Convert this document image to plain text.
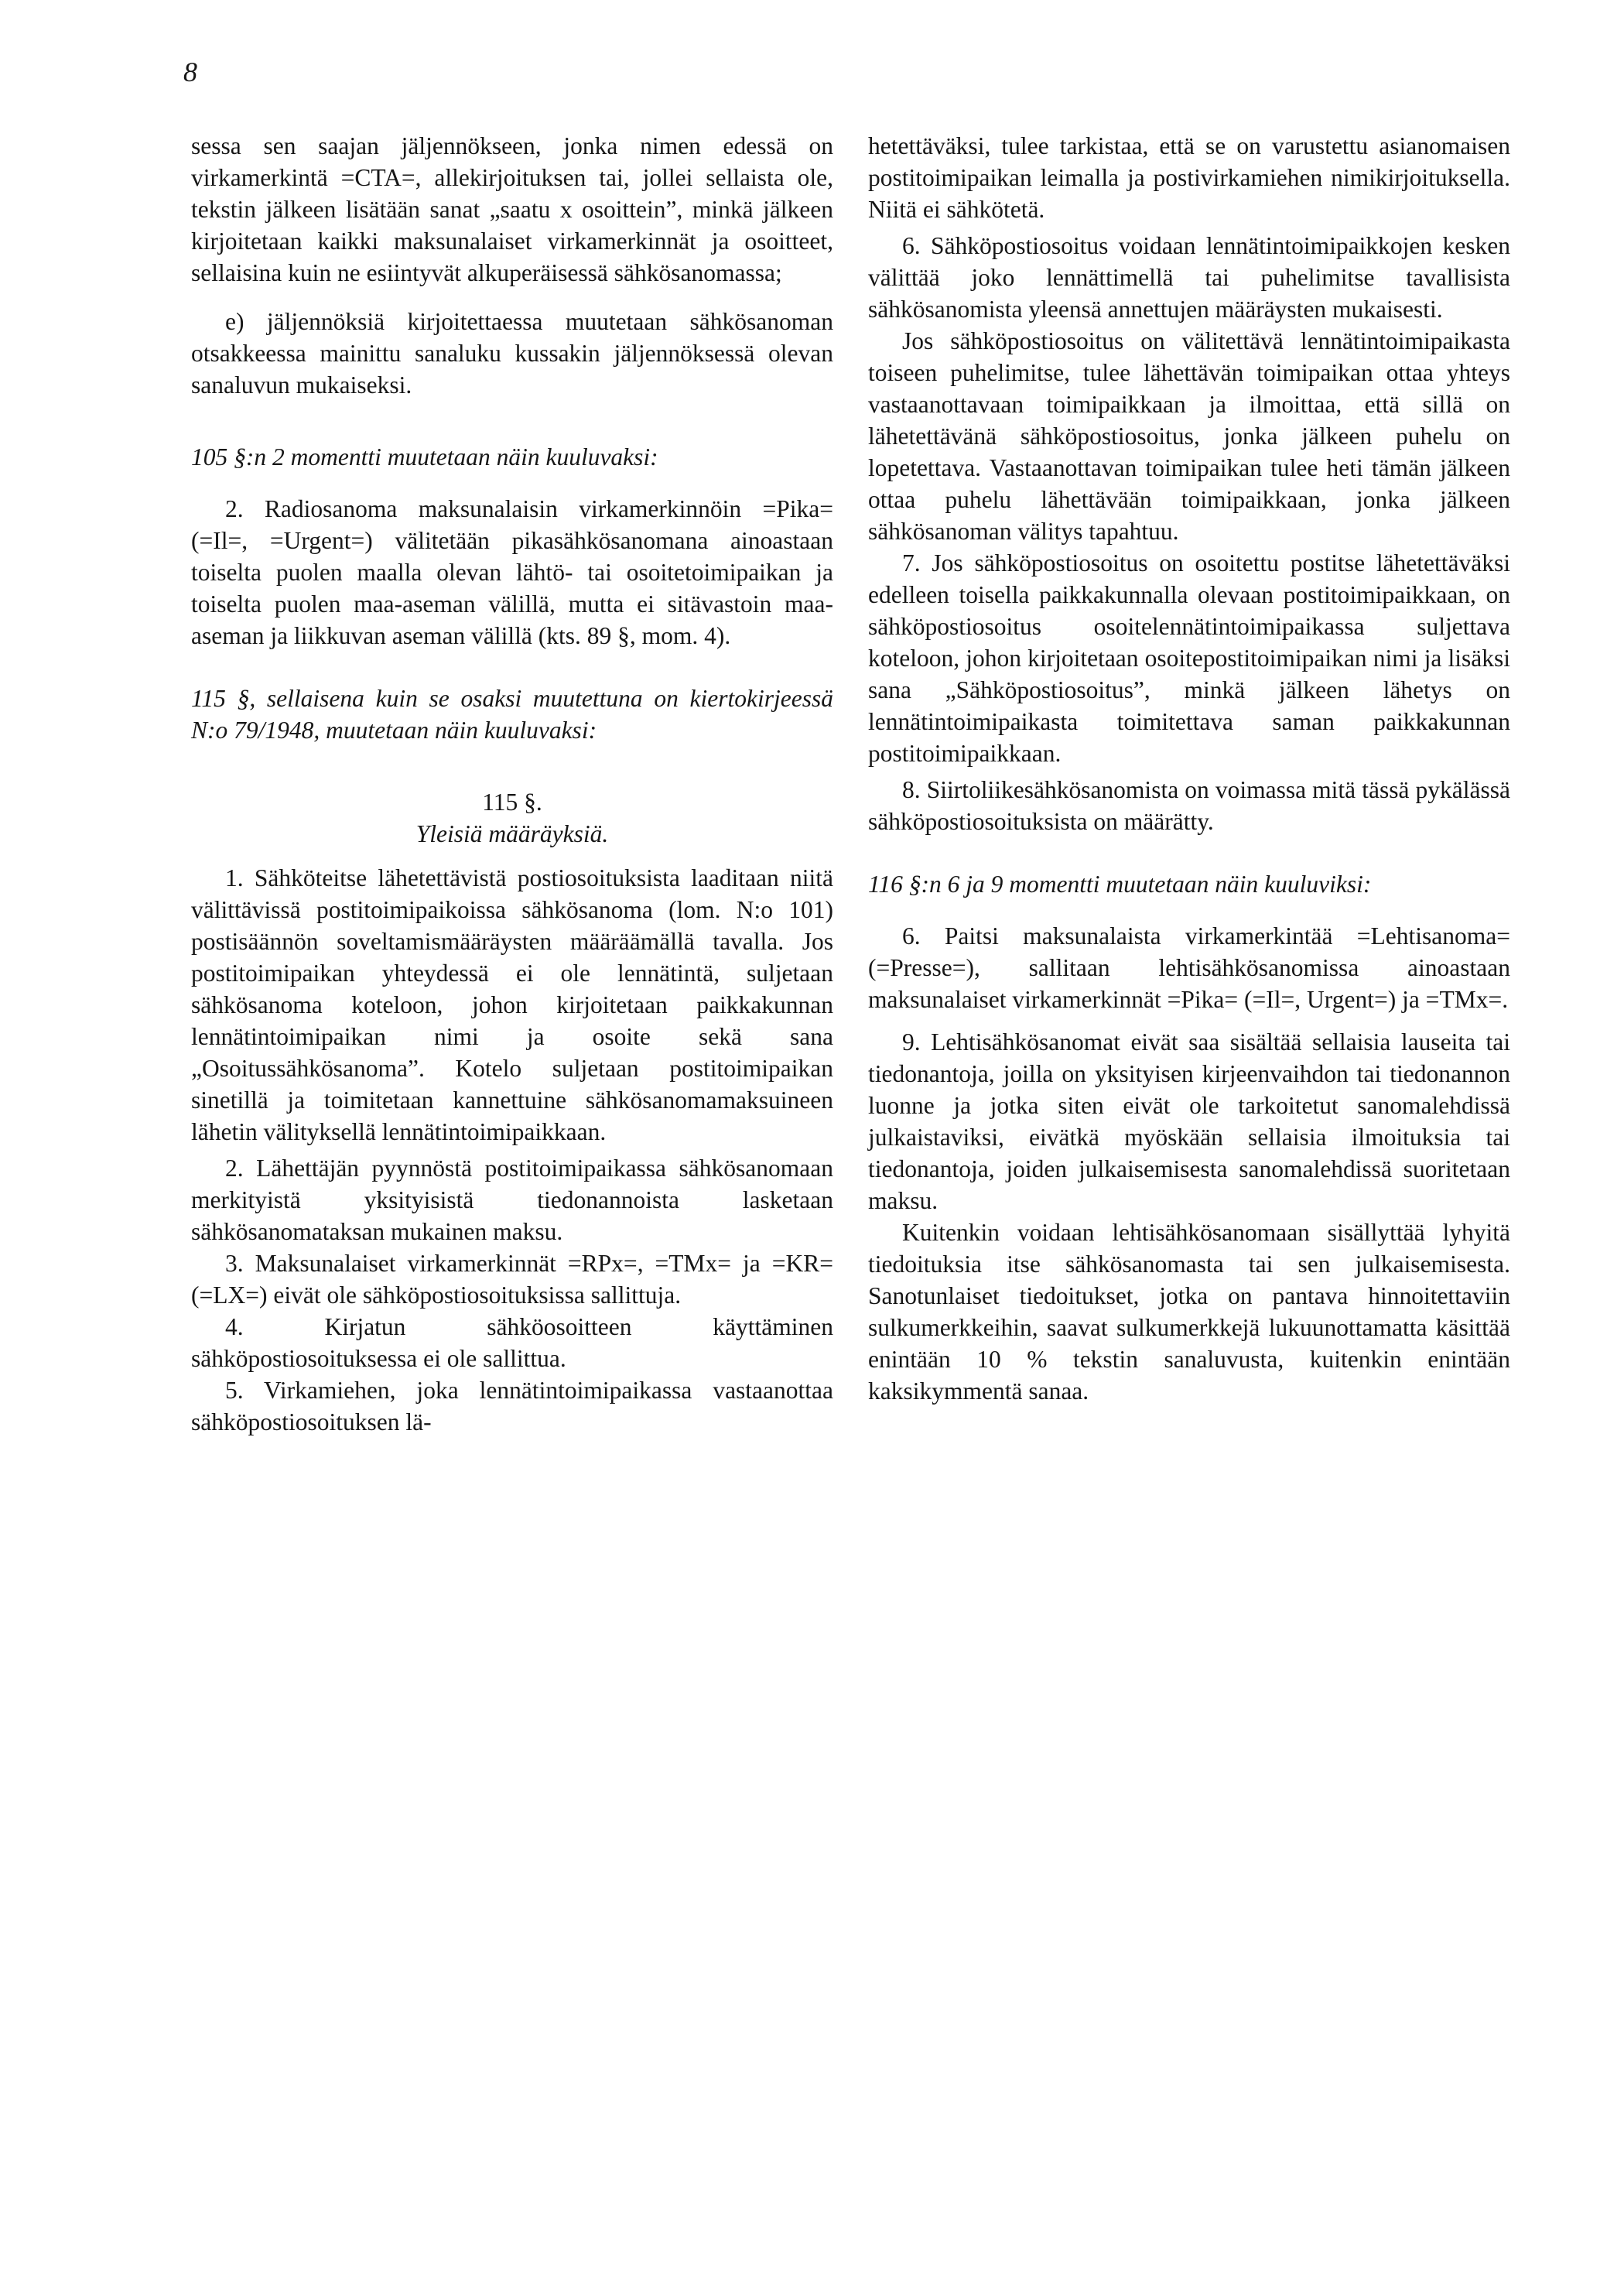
8

sessa sen saajan jäljennökseen, jonka nimen edessä on virkamerkintä =CTA=, allekirjoituksen tai, jollei sellaista ole, tekstin jälkeen lisätään sanat „saatu x osoittein”, minkä jälkeen kirjoitetaan kaikki maksunalaiset virkamerkinnät ja osoitteet, sellaisina kuin ne esiintyvät alkuperäisessä sähkösanomassa;

e) jäljennöksiä kirjoitettaessa muutetaan sähkösanoman otsakkeessa mainittu sanaluku kussakin jäljennöksessä olevan sanaluvun mukaiseksi.

105 §:n 2 momentti muutetaan näin kuuluvaksi:

2. Radiosanoma maksunalaisin virkamerkinnöin =Pika= (=Il=, =Urgent=) välitetään pikasähkösanomana ainoastaan toiselta puolen maalla olevan lähtö- tai osoitetoimipaikan ja toiselta puolen maa-aseman välillä, mutta ei sitävastoin maa-aseman ja liikkuvan aseman välillä (kts. 89 §, mom. 4).

115 §, sellaisena kuin se osaksi muutettuna on kiertokirjeessä N:o 79/1948, muutetaan näin kuuluvaksi:

115 §.

Yleisiä määräyksiä.

1. Sähköteitse lähetettävistä postiosoituksista laaditaan niitä välittävissä postitoimipaikoissa sähkösanoma (lom. N:o 101) postisäännön soveltamismääräysten määräämällä tavalla. Jos postitoimipaikan yhteydessä ei ole lennätintä, suljetaan sähkösanoma koteloon, johon kirjoitetaan paikkakunnan lennätintoimipaikan nimi ja osoite sekä sana „Osoitussähkösanoma”. Kotelo suljetaan postitoimipaikan sinetillä ja toimitetaan kannettuine sähkösanomamaksuineen lähetin välityksellä lennätintoimipaikkaan.

2. Lähettäjän pyynnöstä postitoimipaikassa sähkösanomaan merkityistä yksityisistä tiedonannoista lasketaan sähkösanomataksan mukainen maksu.

3. Maksunalaiset virkamerkinnät =RPx=, =TMx= ja =KR= (=LX=) eivät ole sähköpostiosoituksissa sallittuja.

4. Kirjatun sähköosoitteen käyttäminen sähköpostiosoituksessa ei ole sallittua.

5. Virkamiehen, joka lennätintoimipaikassa vastaanottaa sähköpostiosoituksen lä-

hetettäväksi, tulee tarkistaa, että se on varustettu asianomaisen postitoimipaikan leimalla ja postivirkamiehen nimikirjoituksella. Niitä ei sähkötetä.

6. Sähköpostiosoitus voidaan lennätintoimipaikkojen kesken välittää joko lennättimellä tai puhelimitse tavallisista sähkösanomista yleensä annettujen määräysten mukaisesti.

Jos sähköpostiosoitus on välitettävä lennätintoimipaikasta toiseen puhelimitse, tulee lähettävän toimipaikan ottaa yhteys vastaanottavaan toimipaikkaan ja ilmoittaa, että sillä on lähetettävänä sähköpostiosoitus, jonka jälkeen puhelu on lopetettava. Vastaanottavan toimipaikan tulee heti tämän jälkeen ottaa puhelu lähettävään toimipaikkaan, jonka jälkeen sähkösanoman välitys tapahtuu.

7. Jos sähköpostiosoitus on osoitettu postitse lähetettäväksi edelleen toisella paikkakunnalla olevaan postitoimipaikkaan, on sähköpostiosoitus osoitelennätintoimipaikassa suljettava koteloon, johon kirjoitetaan osoitepostitoimipaikan nimi ja lisäksi sana „Sähköpostiosoitus”, minkä jälkeen lähetys on lennätintoimipaikasta toimitettava saman paikkakunnan postitoimipaikkaan.

8. Siirtoliikesähkösanomista on voimassa mitä tässä pykälässä sähköpostiosoituksista on määrätty.

116 §:n 6 ja 9 momentti muutetaan näin kuuluviksi:

6. Paitsi maksunalaista virkamerkintää =Lehtisanoma= (=Presse=), sallitaan lehtisähkösanomissa ainoastaan maksunalaiset virkamerkinnät =Pika= (=Il=, Urgent=) ja =TMx=.

9. Lehtisähkösanomat eivät saa sisältää sellaisia lauseita tai tiedonantoja, joilla on yksityisen kirjeenvaihdon tai tiedonannon luonne ja jotka siten eivät ole tarkoitetut sanomalehdissä julkaistaviksi, eivätkä myöskään sellaisia ilmoituksia tai tiedonantoja, joiden julkaisemisesta sanomalehdissä suoritetaan maksu.

Kuitenkin voidaan lehtisähkösanomaan sisällyttää lyhyitä tiedoituksia itse sähkösanomasta tai sen julkaisemisesta. Sanotunlaiset tiedoitukset, jotka on pantava hinnoitettaviin sulkumerkkeihin, saavat sulkumerkkejä lukuunottamatta käsittää enintään 10 % tekstin sanaluvusta, kuitenkin enintään kaksikymmentä sanaa.
